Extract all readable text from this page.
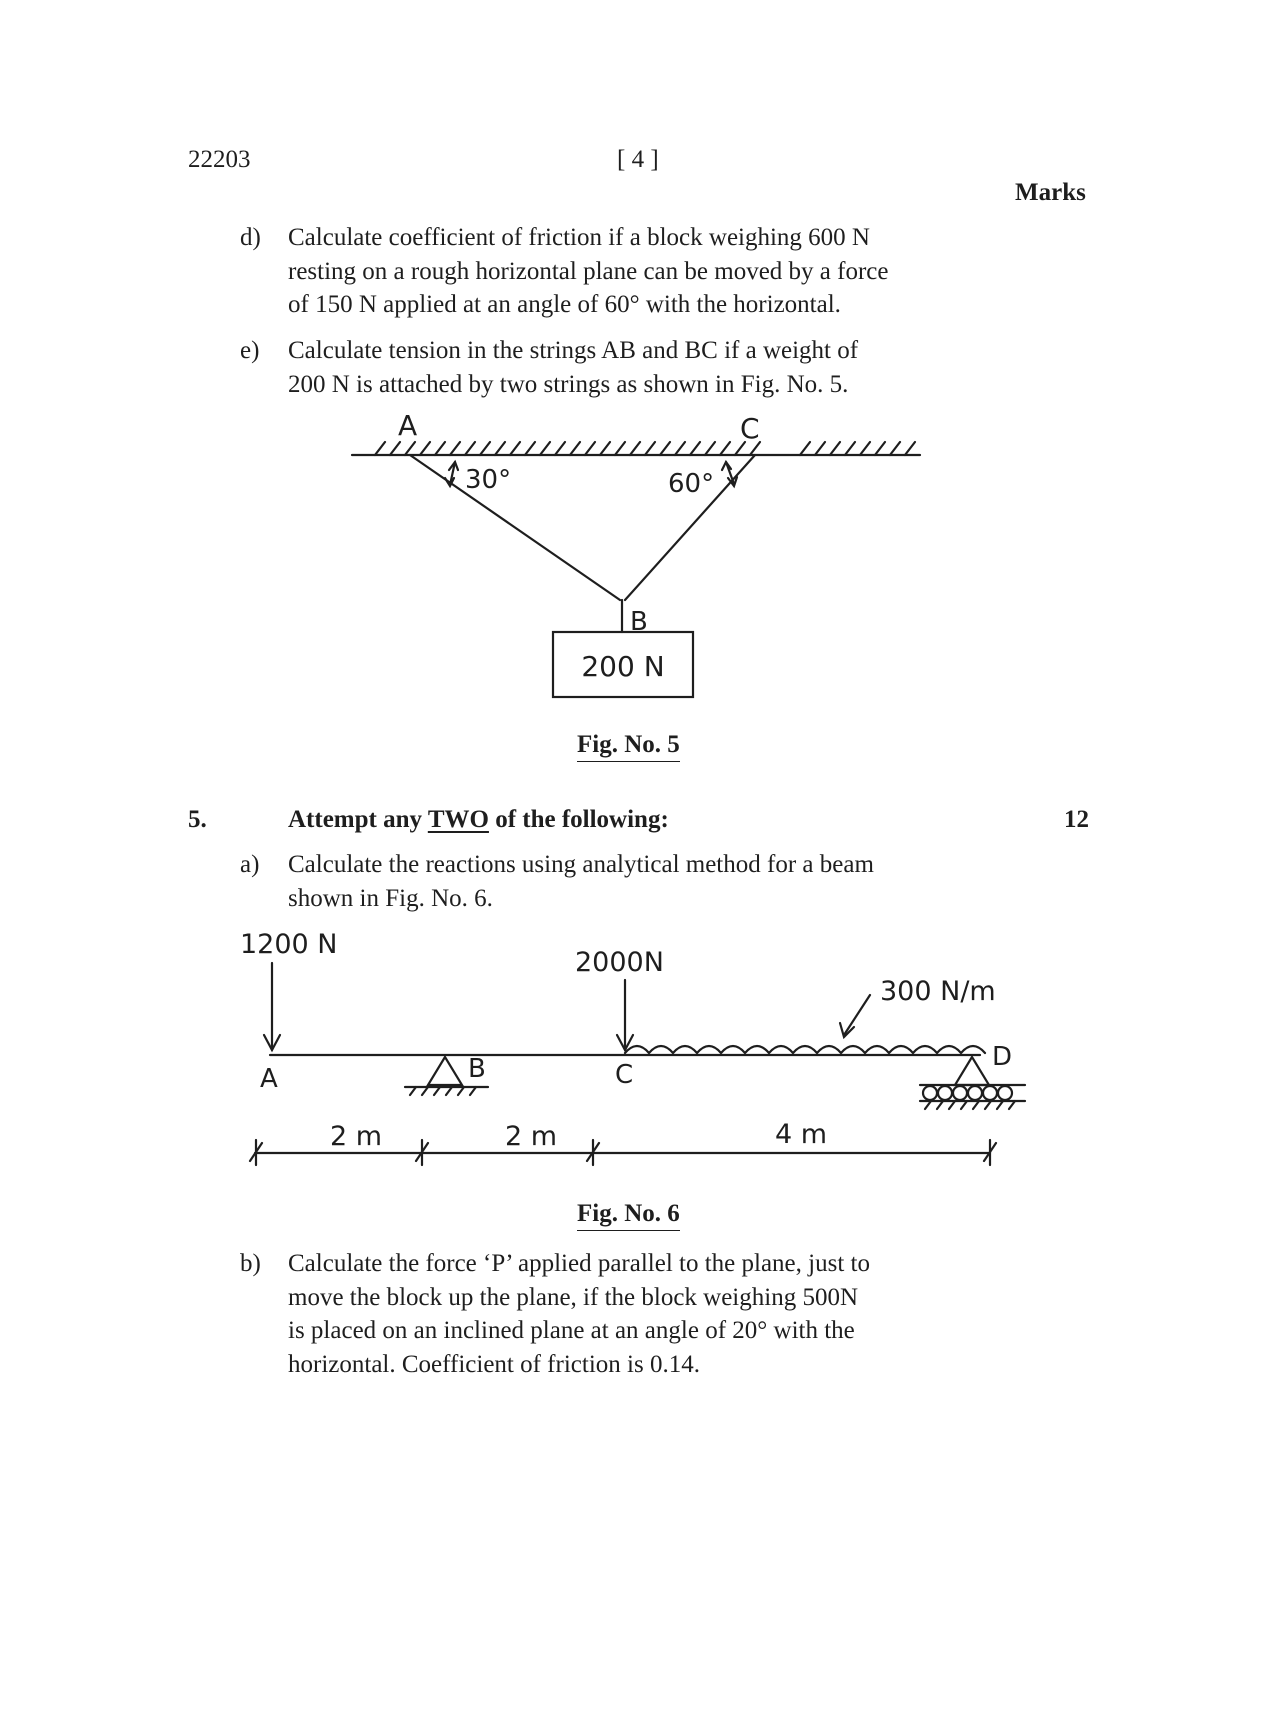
22203	[ 4 ]
Marks
d) Calculate coefficient of friction if a block weighing 600 N
resting on a rough horizontal plane can be moved by a force
of 150 N applied at an angle of 60° with the horizontal.
e) Calculate tension in the strings AB and BC if a weight of
200 N is attached by two strings as shown in Fig. No. 5.
A	C
B
30°	60°
200 N
Fig. No. 5
5.	Attempt any TWO of the following:	12
a) Calculate the reactions using analytical method for a beam
shown in Fig. No. 6.
1200 N
2000N
300 N/m
A	B	C
D
2 m	2 m	4 m
Fig. No. 6
b) Calculate the force ‘P’ applied parallel to the plane, just to
move the block up the plane, if the block weighing 500N
is placed on an inclined plane at an angle of 20° with the
horizontal. Coefficient of friction is 0.14.
